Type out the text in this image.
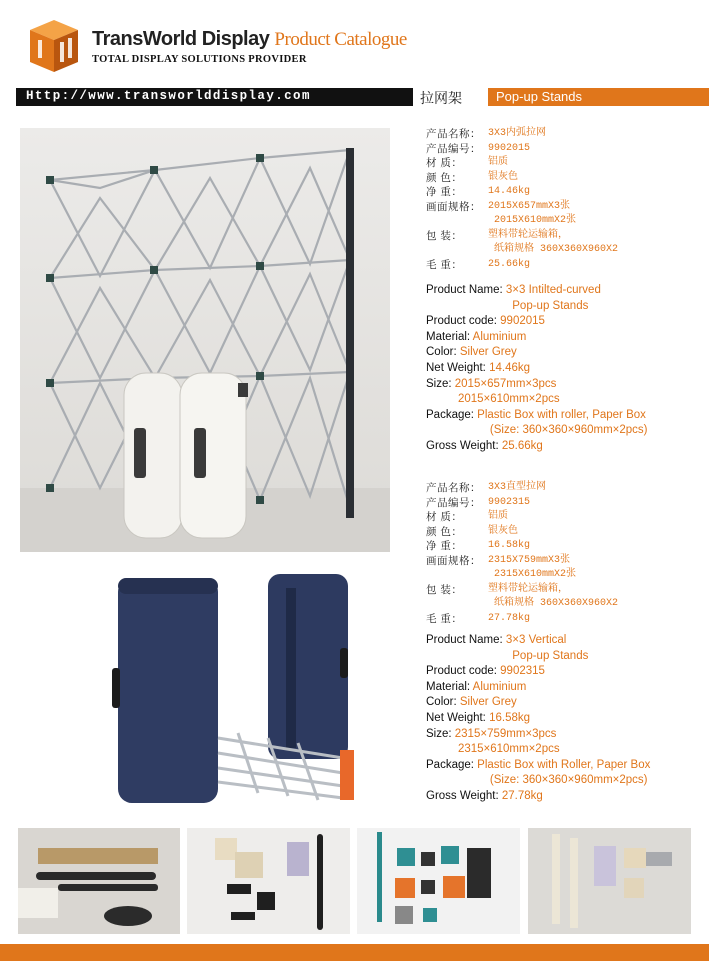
TransWorld Display Product Catalogue
TOTAL DISPLAY SOLUTIONS PROVIDER
Http://www.transworlddisplay.com	拉网架	Pop-up Stands
产品名称： 3X3内弧拉网
产品编号： 9902015
材 质：	铝质
颜 色：	银灰色
净 重：	14.46kg
画面规格： 2015X657mmX3张
2015X610mmX2张
包 装：	塑料带轮运输箱，
纸箱规格 360X360X960X2
毛 重：	25.66kg
Product Name: 3×3 Intilted-curved
Pop-up Stands
Product code: 9902015
Material: Aluminium
Color: Silver Grey
Net Weight: 14.46kg
Size: 2015×657mm×3pcs
2015×610mm×2pcs
Package: Plastic Box with roller, Paper Box
(Size: 360×360×960mm×2pcs)
Gross Weight: 25.66kg
产品名称： 3X3直型拉网
产品编号： 9902315
材 质：	铝质
颜 色：	银灰色
净 重：	16.58kg
画面规格： 2315X759mmX3张
2315X610mmX2张
包 装：	塑料带轮运输箱，
纸箱规格 360X360X960X2
毛 重：	27.78kg
Product Name: 3×3 Vertical
Pop-up Stands
Product code: 9902315
Material: Aluminium
Color: Silver Grey
Net Weight: 16.58kg
Size: 2315×759mm×3pcs
2315×610mm×2pcs
Package: Plastic Box with Roller, Paper Box
(Size: 360×360×960mm×2pcs)
Gross Weight: 27.78kg
